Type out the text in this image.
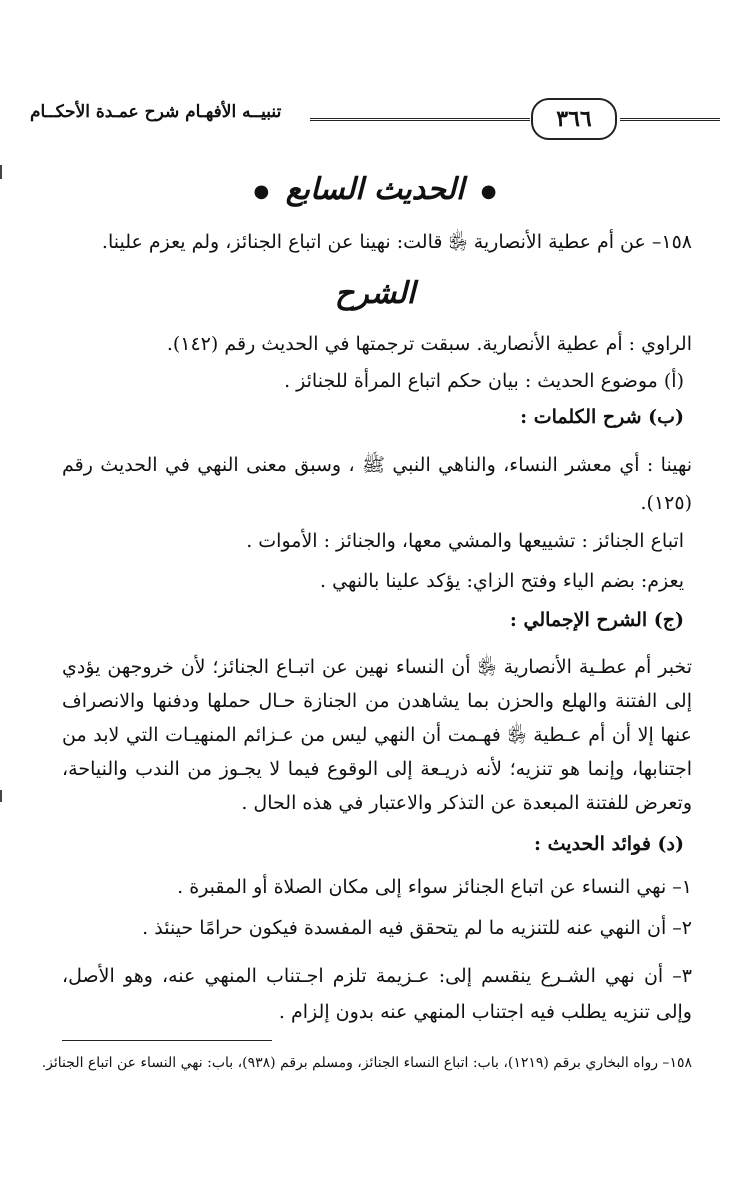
٣٦٦
تنبيــه الأفهـام شرح عمـدة الأحكــام
● الحديث السابع ●
١٥٨– عن أم عطية الأنصارية ﵂ قالت: نهينا عن اتباع الجنائز، ولم يعزم علينا.
الشرح
الراوي : أم عطية الأنصارية. سبقت ترجمتها في الحديث رقم (١٤٢).
(أ) موضوع الحديث : بيان حكم اتباع المرأة للجنائز .
(ب) شرح الكلمات :
نهينا : أي معشر النساء، والناهي النبي ﷺ ، وسبق معنى النهي في الحديث رقم (١٢٥).
اتباع الجنائز : تشييعها والمشي معها، والجنائز : الأموات .
يعزم: بضم الياء وفتح الزاي: يؤكد علينا بالنهي .
(ج) الشرح الإجمالي :
تخبر أم عطـية الأنصارية ﵂ أن النساء نهين عن اتبـاع الجنائز؛ لأن خروجهن يؤدي إلى الفتنة والهلع والحزن بما يشاهدن من الجنازة حـال حملها ودفنها والانصراف عنها إلا أن أم عـطية ﵂ فهـمت أن النهي ليس من عـزائم المنهيـات التي لابد من اجتنابها، وإنما هو تنزيه؛ لأنه ذريـعة إلى الوقوع فيما لا يجـوز من الندب والنياحة، وتعرض للفتنة المبعدة عن التذكر والاعتبار في هذه الحال .
(د) فوائد الحديث :
١– نهي النساء عن اتباع الجنائز سواء إلى مكان الصلاة أو المقبرة .
٢– أن النهي عنه للتنزيه ما لم يتحقق فيه المفسدة فيكون حرامًا حينئذ .
٣– أن نهي الشـرع ينقسم إلى: عـزيمة تلزم اجـتناب المنهي عنه، وهو الأصل، وإلى تنزيه يطلب فيه اجتناب المنهي عنه بدون إلزام .
١٥٨– رواه البخاري برقم (١٢١٩)، باب: اتباع النساء الجنائز، ومسلم برقم (٩٣٨)، باب: نهي النساء عن اتباع الجنائز.
